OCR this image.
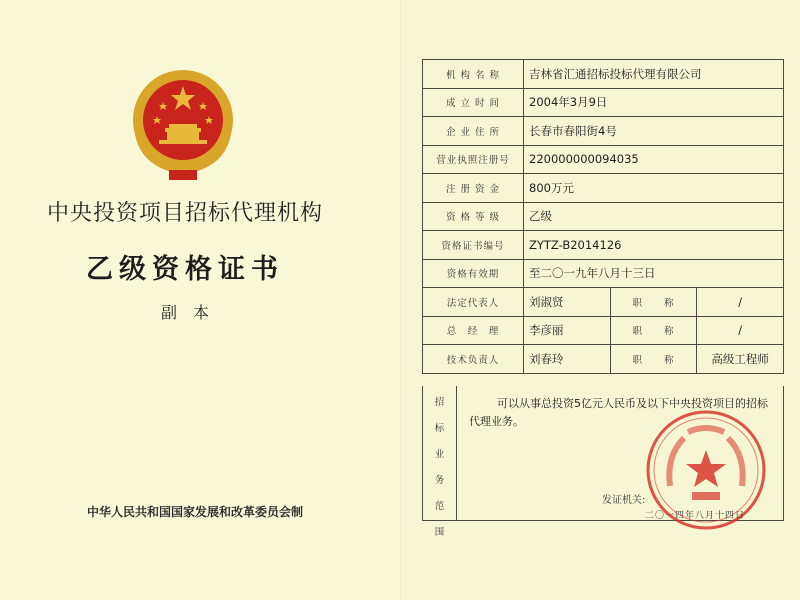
中央投资项目招标代理机构
乙级资格证书
副　本
中华人民共和国国家发展和改革委员会制
机 构 名 称	吉林省汇通招标投标代理有限公司		
成 立 时 间	2004年3月9日		
企 业 住 所	长春市春阳街4号		
营业执照注册号	220000000094035		
注 册 资 金	800万元		
资 格 等 级	乙级		
资格证书编号	ZYTZ-B2014126		
资格有效期	至二〇一九年八月十三日		
法定代表人	刘淑贤	职　　称	/
总　经　理	李彦丽	职　　称	/
技术负责人	刘春玲	职　　称	高级工程师
招
标
业
务
范
围
可以从事总投资5亿元人民币及以下中央投资项目的招标代理业务。
发证机关:
二〇一四年八月十四日
